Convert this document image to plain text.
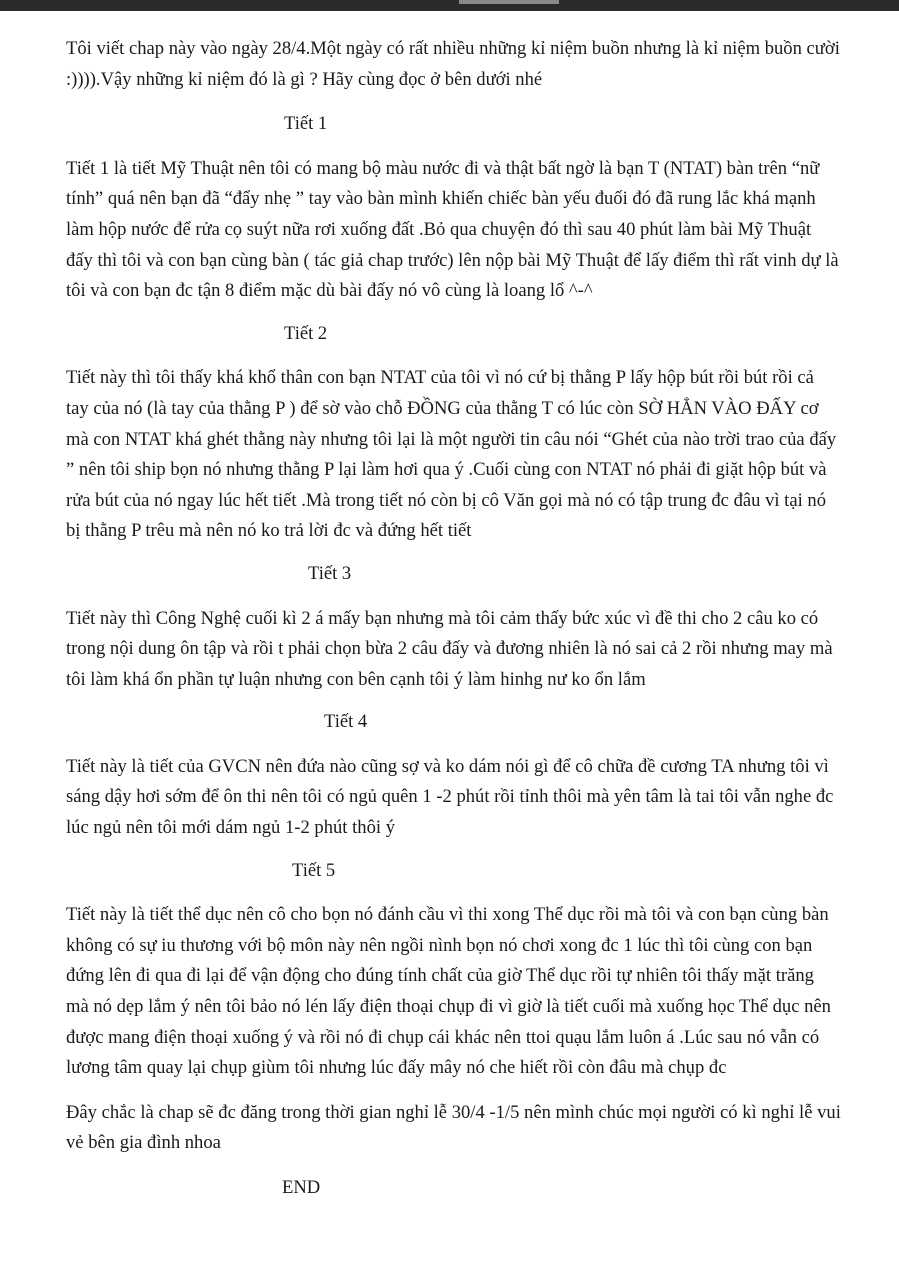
Tôi viết chap này vào ngày 28/4.Một ngày có rất nhiều những kỉ niệm buồn nhưng là kỉ niệm buồn cười :)))).Vậy những kỉ niệm đó là gì ? Hãy cùng đọc ở bên dưới nhé

Tiết 1

Tiết 1 là tiết Mỹ Thuật nên tôi có mang bộ màu nước đi và thật bất ngờ là bạn T (NTAT) bàn trên “nữ tính” quá nên bạn đã “đẩy nhẹ ” tay vào bàn mình khiến chiếc bàn yếu đuối đó đã rung lắc khá mạnh làm hộp nước để rửa cọ suýt nữa rơi xuống đất .Bỏ qua chuyện đó thì sau 40 phút làm bài Mỹ Thuật đấy thì tôi và con bạn cùng bàn ( tác giả chap trước) lên nộp bài Mỹ Thuật để lấy điểm thì rất vinh dự là tôi và con bạn đc tận 8 điểm mặc dù bài đấy nó vô cùng là loang lổ ^-^

Tiết 2

Tiết này thì tôi thấy khá khổ thân con bạn NTAT của tôi vì nó cứ bị thằng P lấy hộp bút rồi bút rồi cả tay của nó (là tay của thằng P ) để sờ vào chỗ ĐỒNG của thằng T có lúc còn SỜ HẲN VÀO ĐẤY cơ mà con NTAT khá ghét thằng này nhưng tôi lại là một người tin câu nói “Ghét của nào trời trao của đấy ” nên tôi ship bọn nó nhưng thằng P lại làm hơi qua ý .Cuối cùng con NTAT nó phải đi giặt hộp bút và rửa bút của nó ngay lúc hết tiết .Mà trong tiết nó còn bị cô Văn gọi mà nó có tập trung đc đâu vì tại nó bị thằng P trêu mà nên nó ko trả lời đc và đứng hết tiết

Tiết 3

Tiết này thì Công Nghệ cuối kì 2 á mấy bạn nhưng mà tôi cảm thấy bức xúc vì đề thi cho 2 câu ko có trong nội dung ôn tập và rồi t phải chọn bừa 2 câu đấy và đương nhiên là nó sai cả 2 rồi nhưng may mà tôi làm khá ổn phần tự luận nhưng con bên cạnh tôi ý làm hinhg nư ko ổn lắm

Tiết 4

Tiết này là tiết của GVCN nên đứa nào cũng sợ và ko dám nói gì để cô chữa đề cương TA nhưng tôi vì sáng dậy hơi sớm để ôn thi nên tôi có ngủ quên 1 -2 phút rồi tỉnh thôi mà yên tâm là tai tôi vẫn nghe đc lúc ngủ nên tôi mới dám ngủ 1-2 phút thôi ý

Tiết 5

Tiết này là tiết thể dục nên cô cho bọn nó đánh cầu vì thi xong Thể dục rồi mà tôi và con bạn cùng bàn không có sự iu thương với bộ môn này nên ngồi nình bọn nó chơi xong đc 1 lúc thì tôi cùng con bạn đứng lên đi qua đi lại để vận động cho đúng tính chất của giờ Thể dục rồi tự nhiên tôi thấy mặt trăng mà nó dẹp lắm ý nên tôi bảo nó lén lấy điện thoại chụp đi vì giờ là tiết cuối mà xuống học Thể dục nên được mang điện thoại xuống ý và rồi nó đi chụp cái khác nên ttoi quạu lắm luôn á .Lúc sau nó vẫn có lương tâm quay lại chụp giùm tôi nhưng lúc đấy mây nó che hiết rồi còn đâu mà chụp đc

Đây chắc là chap sẽ đc đăng trong thời gian nghỉ lễ 30/4 -1/5 nên mình chúc mọi người có kì nghỉ lễ vui vẻ bên gia đình nhoa

END
